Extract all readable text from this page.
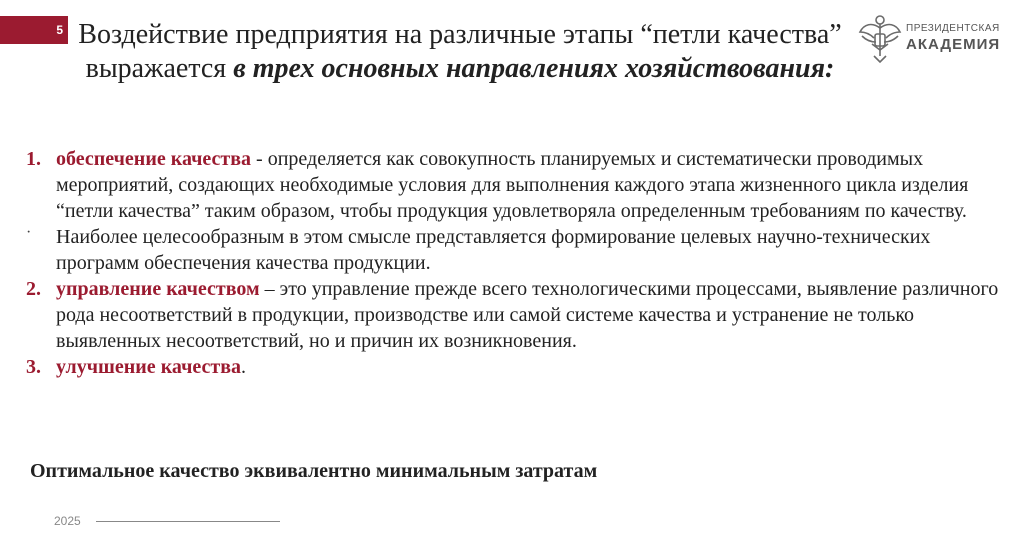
5 Воздействие предприятия на различные этапы “петли качества” выражается в трех основных направлениях хозяйствования:
ПРЕЗИДЕНТСКАЯ
АКАДЕМИЯ
1. обеспечение качества - определяется как совокупность планируемых и систематически проводимых мероприятий, создающих необходимые условия для выполнения каждого этапа жизненного цикла изделия “петли качества” таким образом, чтобы продукция удовлетворяла определенным требованиям по качеству. Наиболее целесообразным в этом смысле представляется формирование целевых научно-технических программ обеспечения качества продукции.
2. управление качеством – это управление прежде всего технологическими процессами, выявление различного рода несоответствий в продукции, производстве или самой системе качества и устранение не только выявленных несоответствий, но и причин их возникновения.
3. улучшение качества.
·
Оптимальное качество эквивалентно минимальным затратам
2025
